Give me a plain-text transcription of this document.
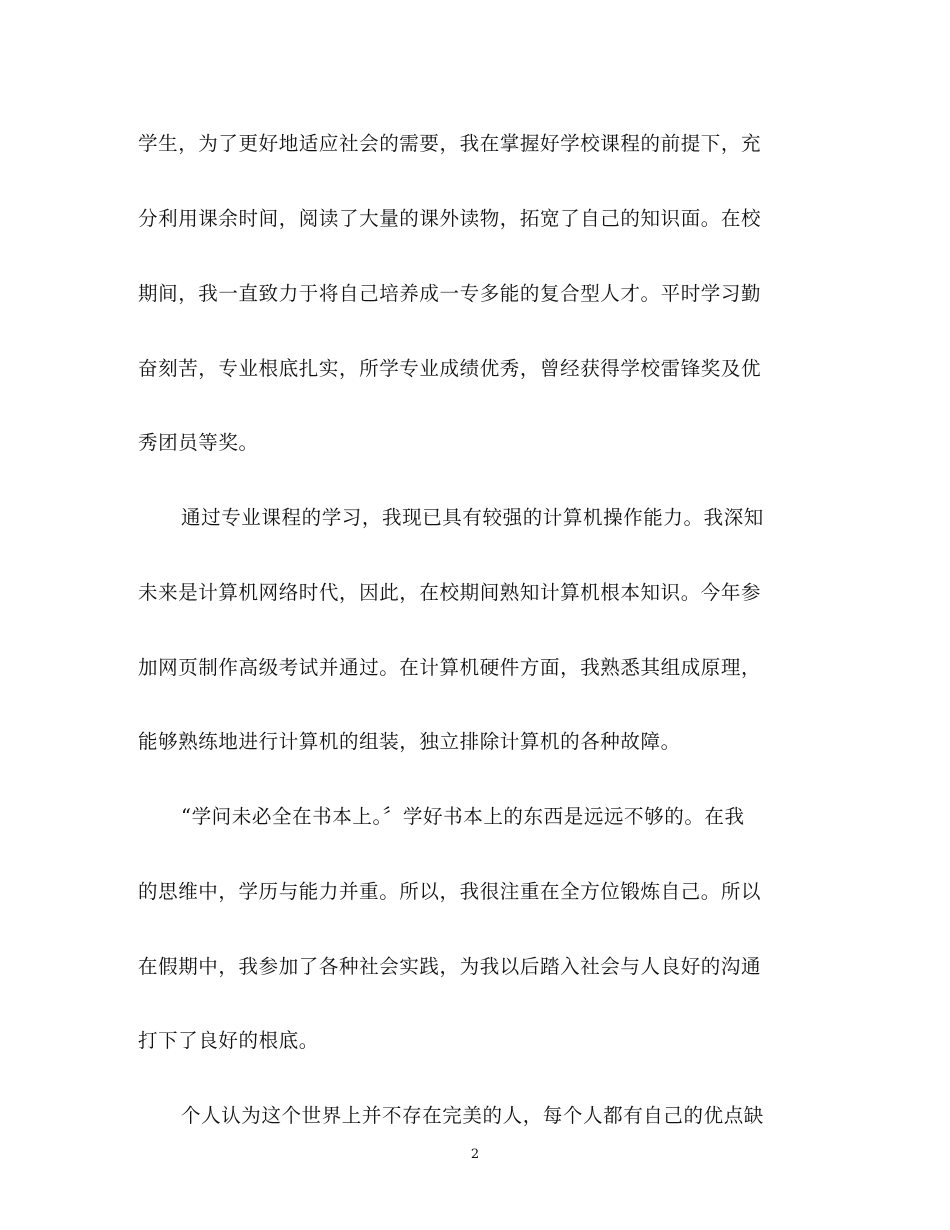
学生，为了更好地适应社会的需要，我在掌握好学校课程的前提下，充
分利用课余时间，阅读了大量的课外读物，拓宽了自己的知识面。在校
期间，我一直致力于将自己培养成一专多能的复合型人才。平时学习勤
奋刻苦，专业根底扎实，所学专业成绩优秀，曾经获得学校雷锋奖及优
秀团员等奖。
通过专业课程的学习，我现已具有较强的计算机操作能力。我深知
未来是计算机网络时代，因此，在校期间熟知计算机根本知识。今年参
加网页制作高级考试并通过。在计算机硬件方面，我熟悉其组成原理，
能够熟练地进行计算机的组装，独立排除计算机的各种故障。
“学问未必全在书本上。〞学好书本上的东西是远远不够的。在我
的思维中，学历与能力并重。所以，我很注重在全方位锻炼自己。所以
在假期中，我参加了各种社会实践，为我以后踏入社会与人良好的沟通
打下了良好的根底。
个人认为这个世界上并不存在完美的人，每个人都有自己的优点缺
2
